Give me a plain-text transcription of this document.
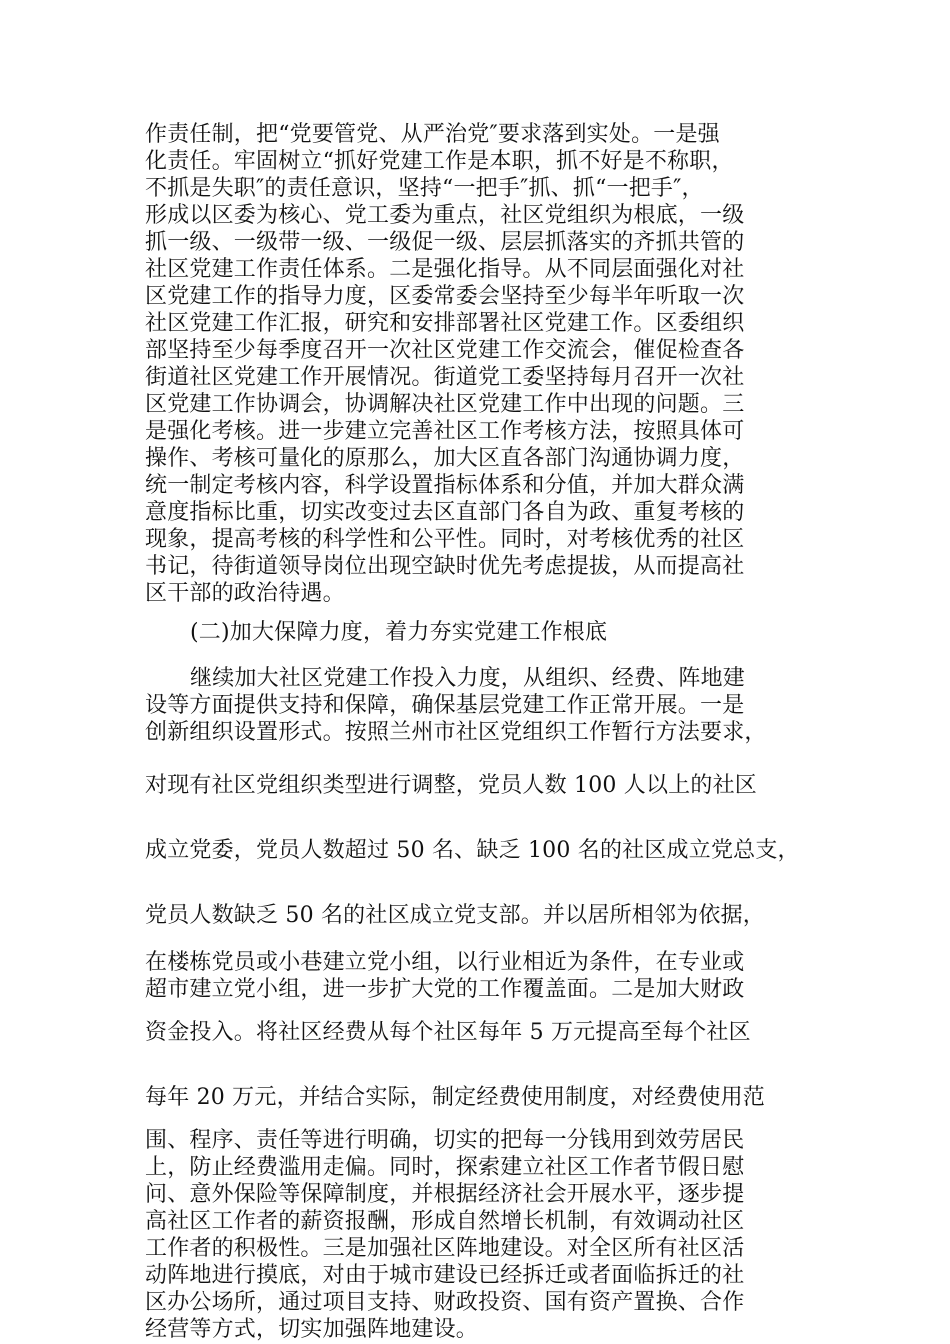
作责任制，把“党要管党、从严治党″要求落到实处。一是强
化责任。牢固树立“抓好党建工作是本职，抓不好是不称职，
不抓是失职″的责任意识，坚持“一把手″抓、抓“一把手″，
形成以区委为核心、党工委为重点，社区党组织为根底，一级
抓一级、一级带一级、一级促一级、层层抓落实的齐抓共管的
社区党建工作责任体系。二是强化指导。从不同层面强化对社
区党建工作的指导力度，区委常委会坚持至少每半年听取一次
社区党建工作汇报，研究和安排部署社区党建工作。区委组织
部坚持至少每季度召开一次社区党建工作交流会，催促检查各
街道社区党建工作开展情况。街道党工委坚持每月召开一次社
区党建工作协调会，协调解决社区党建工作中出现的问题。三
是强化考核。进一步建立完善社区工作考核方法，按照具体可
操作、考核可量化的原那么，加大区直各部门沟通协调力度，
统一制定考核内容，科学设置指标体系和分值，并加大群众满
意度指标比重，切实改变过去区直部门各自为政、重复考核的
现象，提高考核的科学性和公平性。同时，对考核优秀的社区
书记，待街道领导岗位出现空缺时优先考虑提拔，从而提高社
区干部的政治待遇。
(二)加大保障力度，着力夯实党建工作根底
继续加大社区党建工作投入力度，从组织、经费、阵地建
设等方面提供支持和保障，确保基层党建工作正常开展。一是
创新组织设置形式。按照兰州市社区党组织工作暂行方法要求，
对现有社区党组织类型进行调整，党员人数 100 人以上的社区
成立党委，党员人数超过 50 名、缺乏 100 名的社区成立党总支，
党员人数缺乏 50 名的社区成立党支部。并以居所相邻为依据，
在楼栋党员或小巷建立党小组，以行业相近为条件，在专业或
超市建立党小组，进一步扩大党的工作覆盖面。二是加大财政
资金投入。将社区经费从每个社区每年 5 万元提高至每个社区
每年 20 万元，并结合实际，制定经费使用制度，对经费使用范
围、程序、责任等进行明确，切实的把每一分钱用到效劳居民
上，防止经费滥用走偏。同时，探索建立社区工作者节假日慰
问、意外保险等保障制度，并根据经济社会开展水平，逐步提
高社区工作者的薪资报酬，形成自然增长机制，有效调动社区
工作者的积极性。三是加强社区阵地建设。对全区所有社区活
动阵地进行摸底，对由于城市建设已经拆迁或者面临拆迁的社
区办公场所，通过项目支持、财政投资、国有资产置换、合作
经营等方式，切实加强阵地建设。
